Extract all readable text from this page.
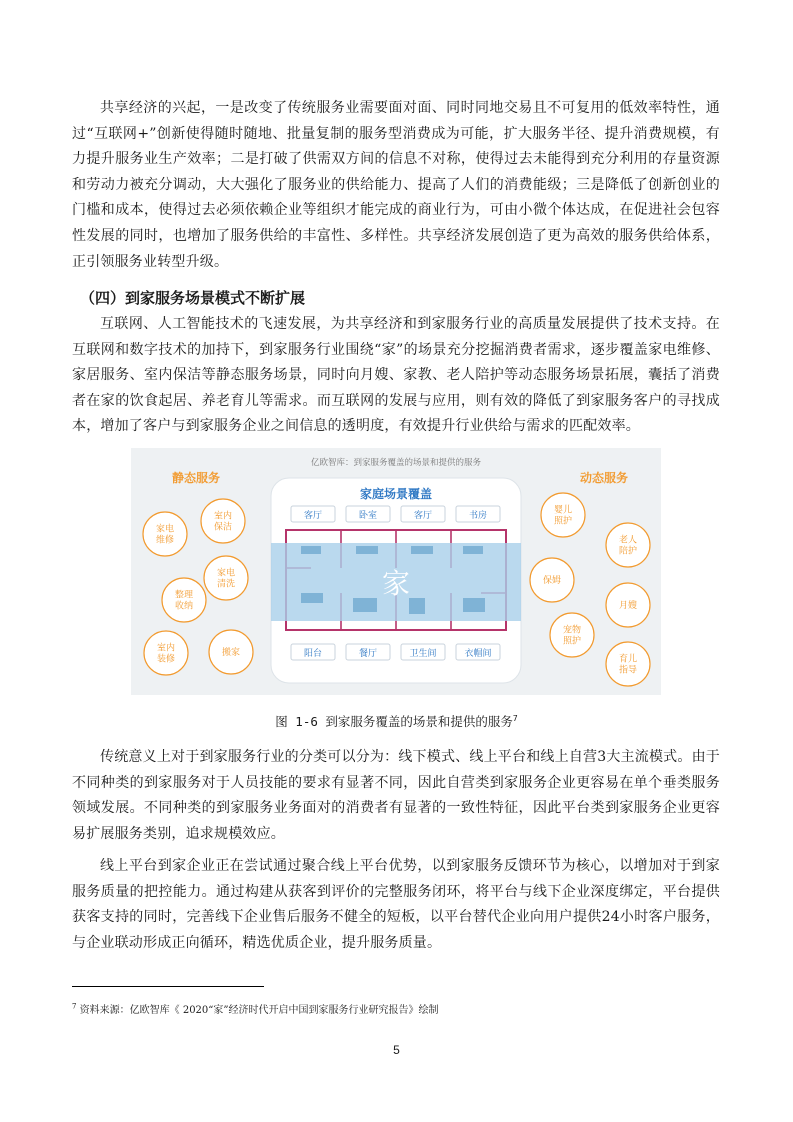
共享经济的兴起，一是改变了传统服务业需要面对面、同时同地交易且不可复用的低效率特性，通过“互联网+”创新使得随时随地、批量复制的服务型消费成为可能，扩大服务半径、提升消费规模，有力提升服务业生产效率；二是打破了供需双方间的信息不对称，使得过去未能得到充分利用的存量资源和劳动力被充分调动，大大强化了服务业的供给能力、提高了人们的消费能级；三是降低了创新创业的门槛和成本，使得过去必须依赖企业等组织才能完成的商业行为，可由小微个体达成，在促进社会包容性发展的同时，也增加了服务供给的丰富性、多样性。共享经济发展创造了更为高效的服务供给体系，正引领服务业转型升级。

（四）到家服务场景模式不断扩展

互联网、人工智能技术的飞速发展，为共享经济和到家服务行业的高质量发展提供了技术支持。在互联网和数字技术的加持下，到家服务行业围绕“家”的场景充分挖掘消费者需求，逐步覆盖家电维修、家居服务、室内保洁等静态服务场景，同时向月嫂、家教、老人陪护等动态服务场景拓展，囊括了消费者在家的饮食起居、养老育儿等需求。而互联网的发展与应用，则有效的降低了到家服务客户的寻找成本，增加了客户与到家服务企业之间信息的透明度，有效提升行业供给与需求的匹配效率。

亿欧智库：到家服务覆盖的场景和提供的服务
家庭场景覆盖
家
客厅	卧室	客厅	书房
阳台	餐厅	卫生间	衣帽间
静态服务
室内保洁
家电维修
家电清洗
整理收纳
室内装修
搬家
动态服务
婴儿照护
老人陪护
保姆
月嫂
宠物照护
育儿指导
图 1-6 到家服务覆盖的场景和提供的服务$^7$

传统意义上对于到家服务行业的分类可以分为：线下模式、线上平台和线上自营3大主流模式。由于不同种类的到家服务对于人员技能的要求有显著不同，因此自营类到家服务企业更容易在单个垂类服务领域发展。不同种类的到家服务业务面对的消费者有显著的一致性特征，因此平台类到家服务企业更容易扩展服务类别，追求规模效应。

线上平台到家企业正在尝试通过聚合线上平台优势，以到家服务反馈环节为核心，以增加对于到家服务质量的把控能力。通过构建从获客到评价的完整服务闭环，将平台与线下企业深度绑定，平台提供获客支持的同时，完善线下企业售后服务不健全的短板，以平台替代企业向用户提供24小时客户服务，与企业联动形成正向循环，精选优质企业，提升服务质量。

$^7$ 资料来源：亿欧智库《 2020“家”经济时代开启中国到家服务行业研究报告》绘制
5
